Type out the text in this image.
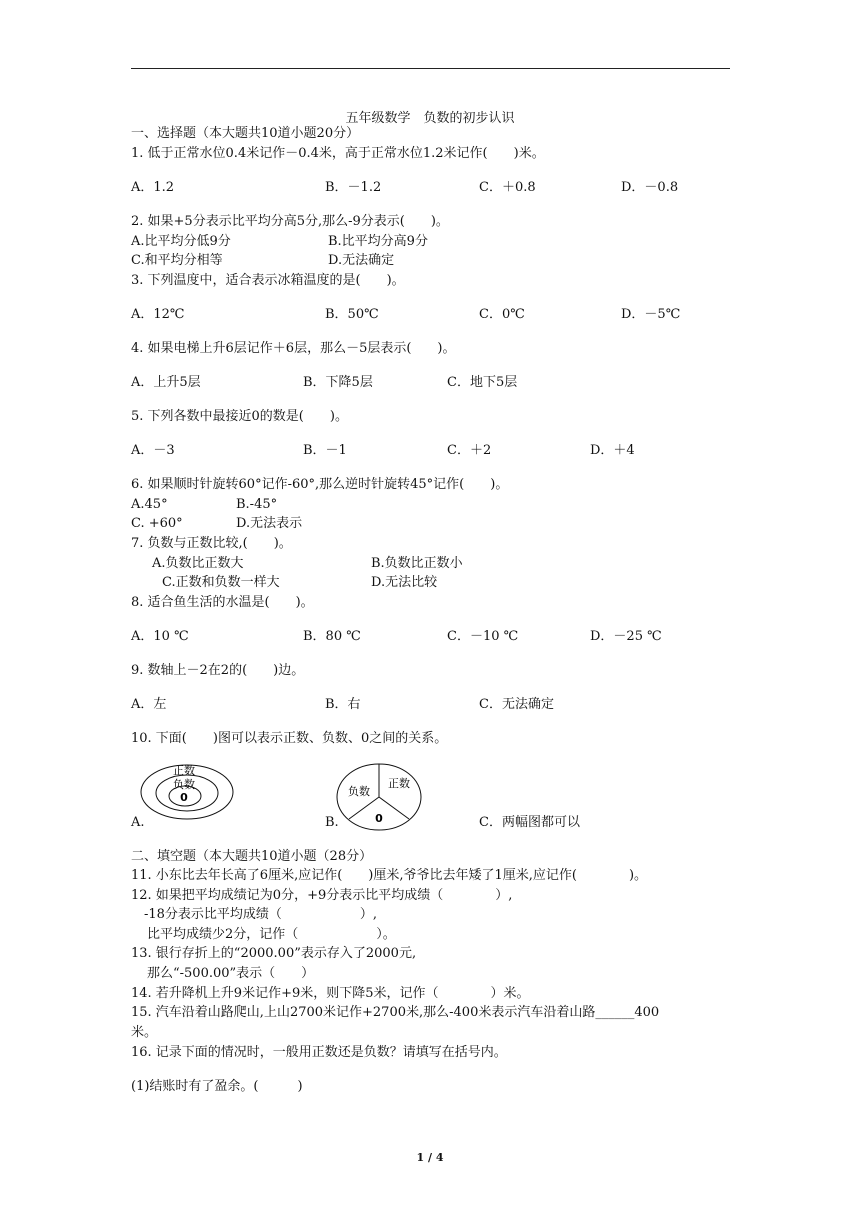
五年级数学　负数的初步认识
一、选择题（本大题共10道小题20分）
1. 低于正常水位0.4米记作－0.4米，高于正常水位1.2米记作(　　)米。
A．1.2	B．－1.2	C．＋0.8	D．－0.8
2. 如果+5分表示比平均分高5分,那么-9分表示(　　)。
A.比平均分低9分	B.比平均分高9分
C.和平均分相等	D.无法确定
3. 下列温度中，适合表示冰箱温度的是(　　)。
A．12℃	B．50℃	C．0℃	D．－5℃
4. 如果电梯上升6层记作＋6层，那么－5层表示(　　)。
A．上升5层	B．下降5层	C．地下5层
5. 下列各数中最接近0的数是(　　)。
A．－3	B．－1	C．＋2	D．＋4
6. 如果顺时针旋转60°记作-60°,那么逆时针旋转45°记作(　　)。
A.45°	B.-45°
C. +60°	D.无法表示
7. 负数与正数比较,(　　)。
A.负数比正数大	B.负数比正数小
C.正数和负数一样大	D.无法比较
8. 适合鱼生活的水温是(　　)。
A．10 ℃	B．80 ℃	C．－10 ℃	D．－25 ℃
9. 数轴上－2在2的(　　)边。
A．左	B．右	C．无法确定
10. 下面(　　)图可以表示正数、负数、0之间的关系。
正数
负数
0
A.
负数
正数
0
B.	C．两幅图都可以
二、填空题（本大题共10道小题（28分）
11. 小东比去年长高了6厘米,应记作(　　)厘米,爷爷比去年矮了1厘米,应记作(　　　　)。
12. 如果把平均成绩记为0分，+9分表示比平均成绩（　　　　）,
-18分表示比平均成绩（　　　　　　）,
比平均成绩少2分，记作（　　　　　　）。
13. 银行存折上的“2000.00”表示存入了2000元,
那么“-500.00”表示（　　）
14. 若升降机上升9米记作+9米，则下降5米，记作（　　　　）米。
15. 汽车沿着山路爬山,上山2700米记作+2700米,那么-400米表示汽车沿着山路______400
米。
16. 记录下面的情况时，一般用正数还是负数？请填写在括号内。
(1)结账时有了盈余。(　　　)
1 / 4
